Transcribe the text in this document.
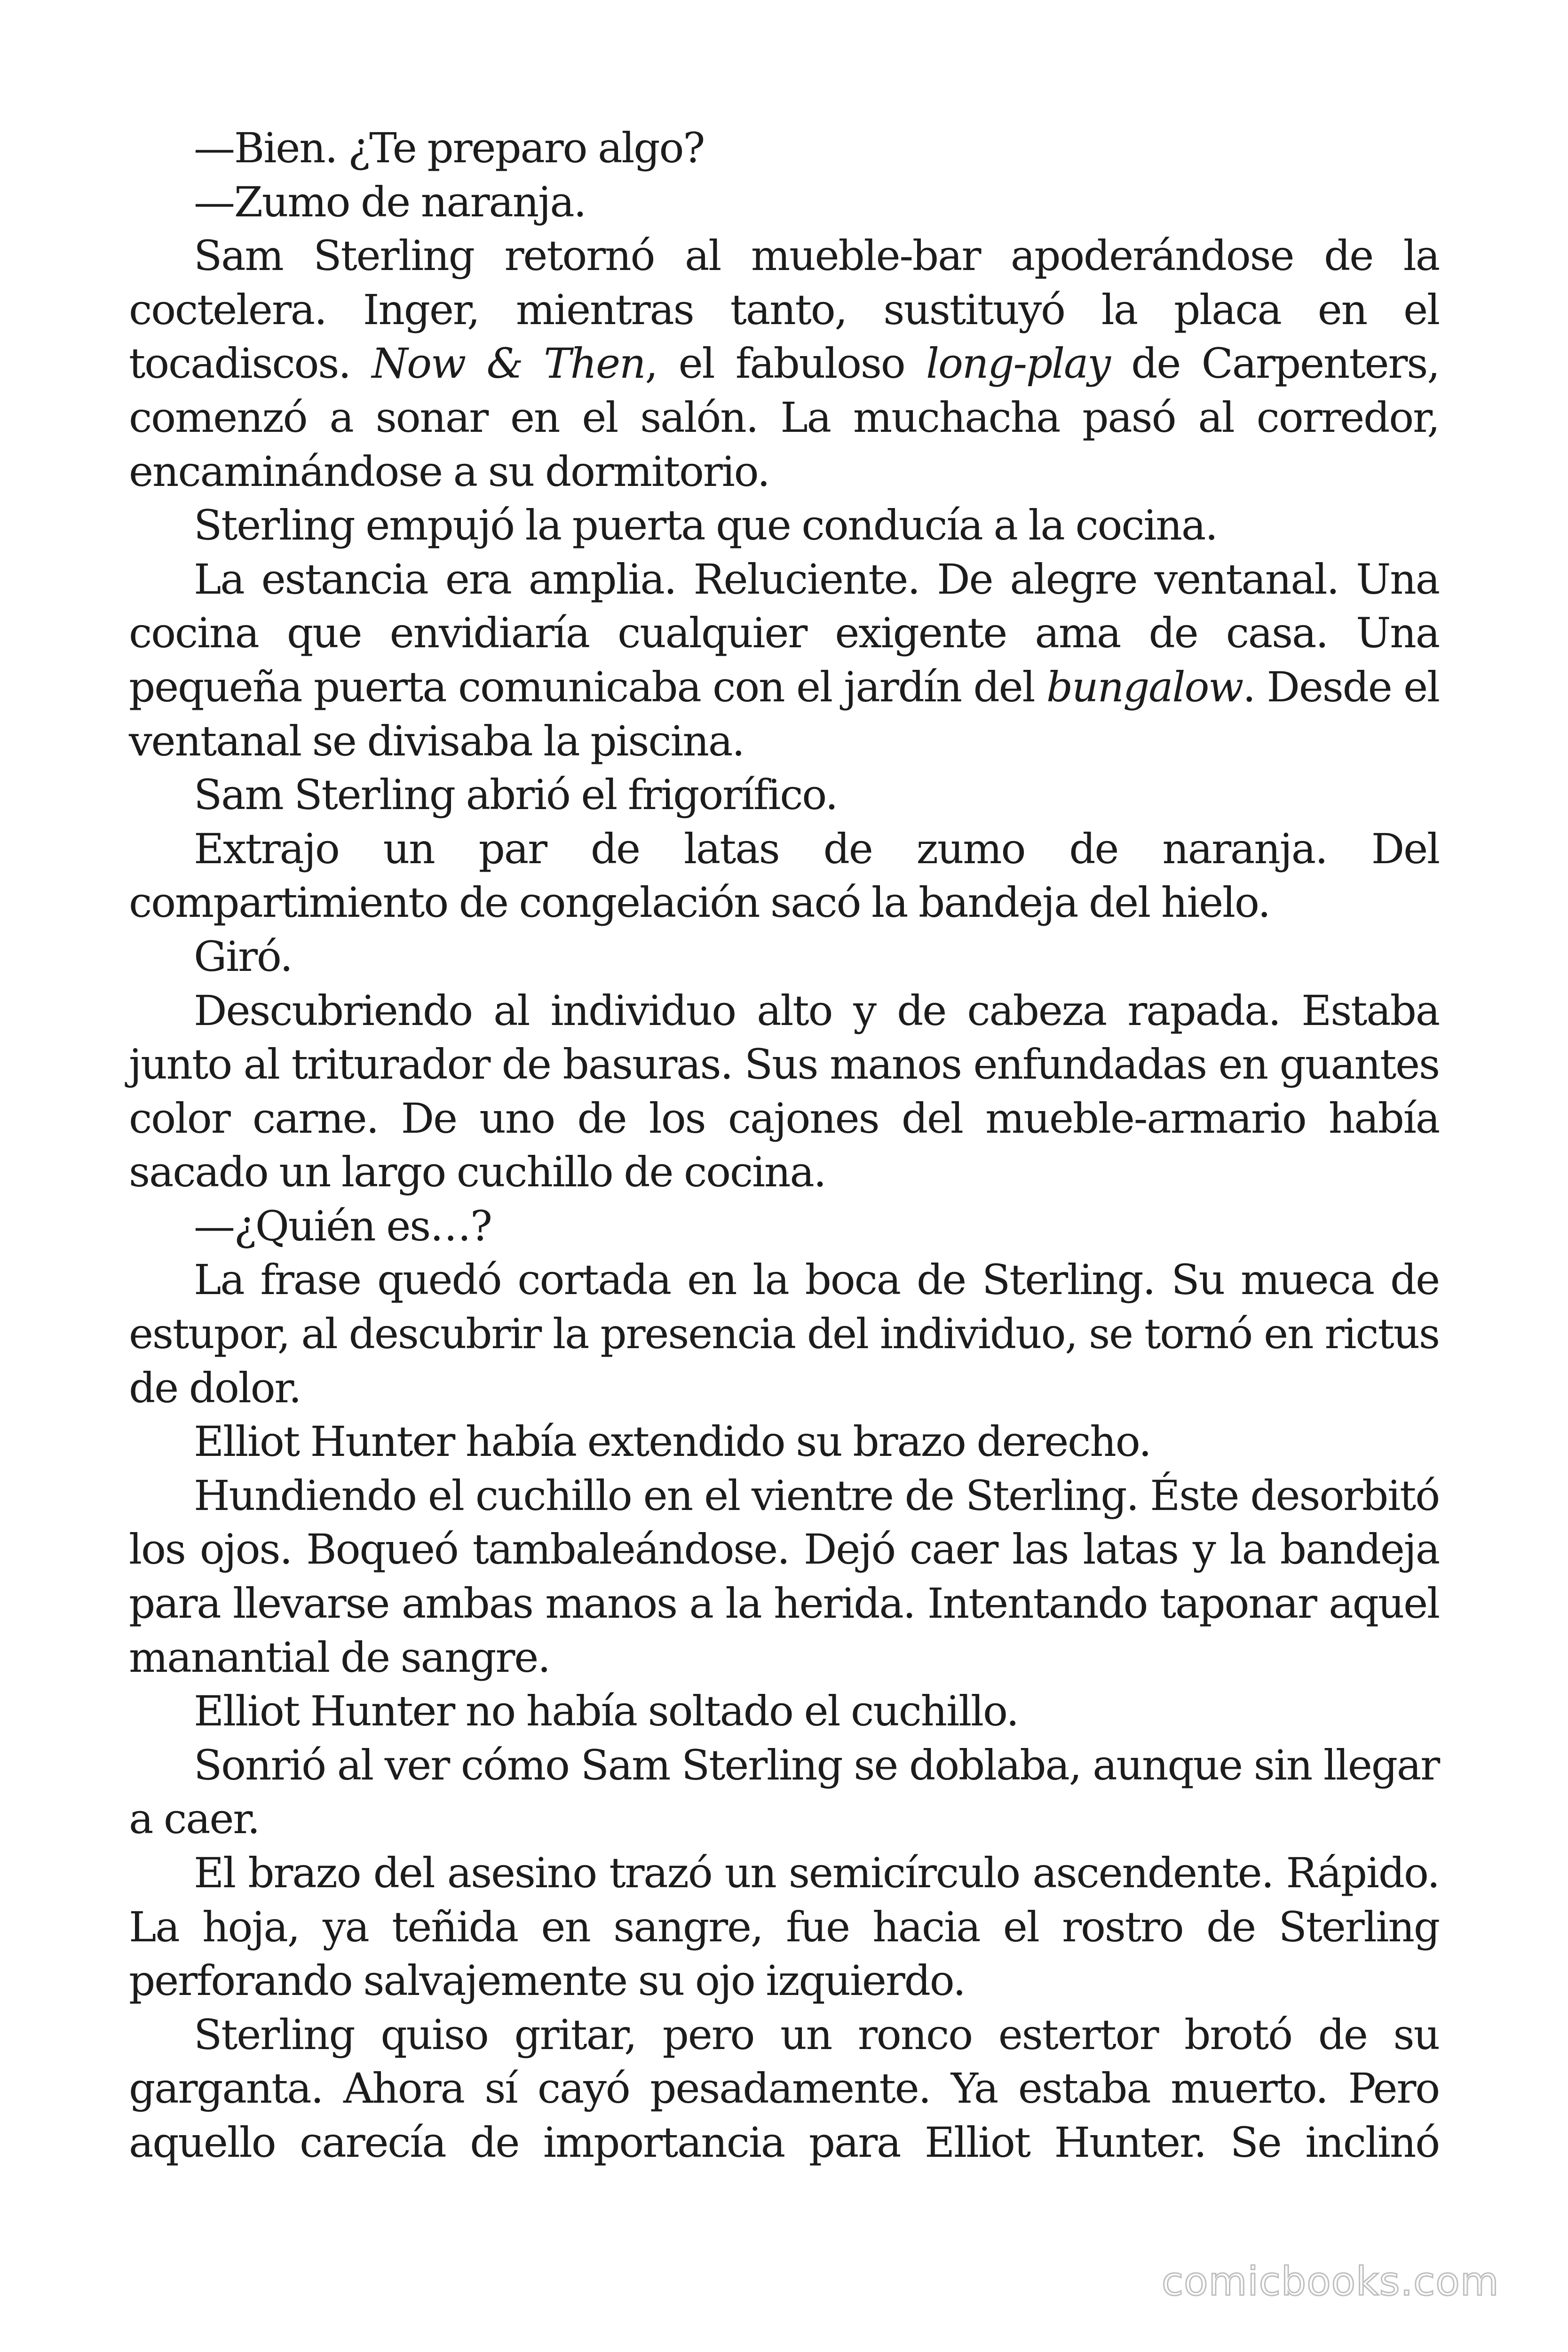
—Bien. ¿Te preparo algo?

—Zumo de naranja.

Sam Sterling retornó al mueble-bar apoderándose de la coctelera. Inger, mientras tanto, sustituyó la placa en el tocadiscos. Now & Then, el fabuloso long-play de Carpenters, comenzó a sonar en el salón. La muchacha pasó al corredor, encaminándose a su dormitorio.

Sterling empujó la puerta que conducía a la cocina.

La estancia era amplia. Reluciente. De alegre ventanal. Una cocina que envidiaría cualquier exigente ama de casa. Una pequeña puerta comunicaba con el jardín del bungalow. Desde el ventanal se divisaba la piscina.

Sam Sterling abrió el frigorífico.

Extrajo un par de latas de zumo de naranja. Del compartimiento de congelación sacó la bandeja del hielo.

Giró.

Descubriendo al individuo alto y de cabeza rapada. Estaba junto al triturador de basuras. Sus manos enfundadas en guantes color carne. De uno de los cajones del mueble-armario había sacado un largo cuchillo de cocina.

—¿Quién es…?

La frase quedó cortada en la boca de Sterling. Su mueca de estupor, al descubrir la presencia del individuo, se tornó en rictus de dolor.

Elliot Hunter había extendido su brazo derecho.

Hundiendo el cuchillo en el vientre de Sterling. Éste desorbitó los ojos. Boqueó tambaleándose. Dejó caer las latas y la bandeja para llevarse ambas manos a la herida. Intentando taponar aquel manantial de sangre.

Elliot Hunter no había soltado el cuchillo.

Sonrió al ver cómo Sam Sterling se doblaba, aunque sin llegar a caer.

El brazo del asesino trazó un semicírculo ascendente. Rápido. La hoja, ya teñida en sangre, fue hacia el rostro de Sterling perforando salvajemente su ojo izquierdo.

Sterling quiso gritar, pero un ronco estertor brotó de su garganta. Ahora sí cayó pesadamente. Ya estaba muerto. Pero aquello carecía de importancia para Elliot Hunter. Se inclinó

comicbooks.com
